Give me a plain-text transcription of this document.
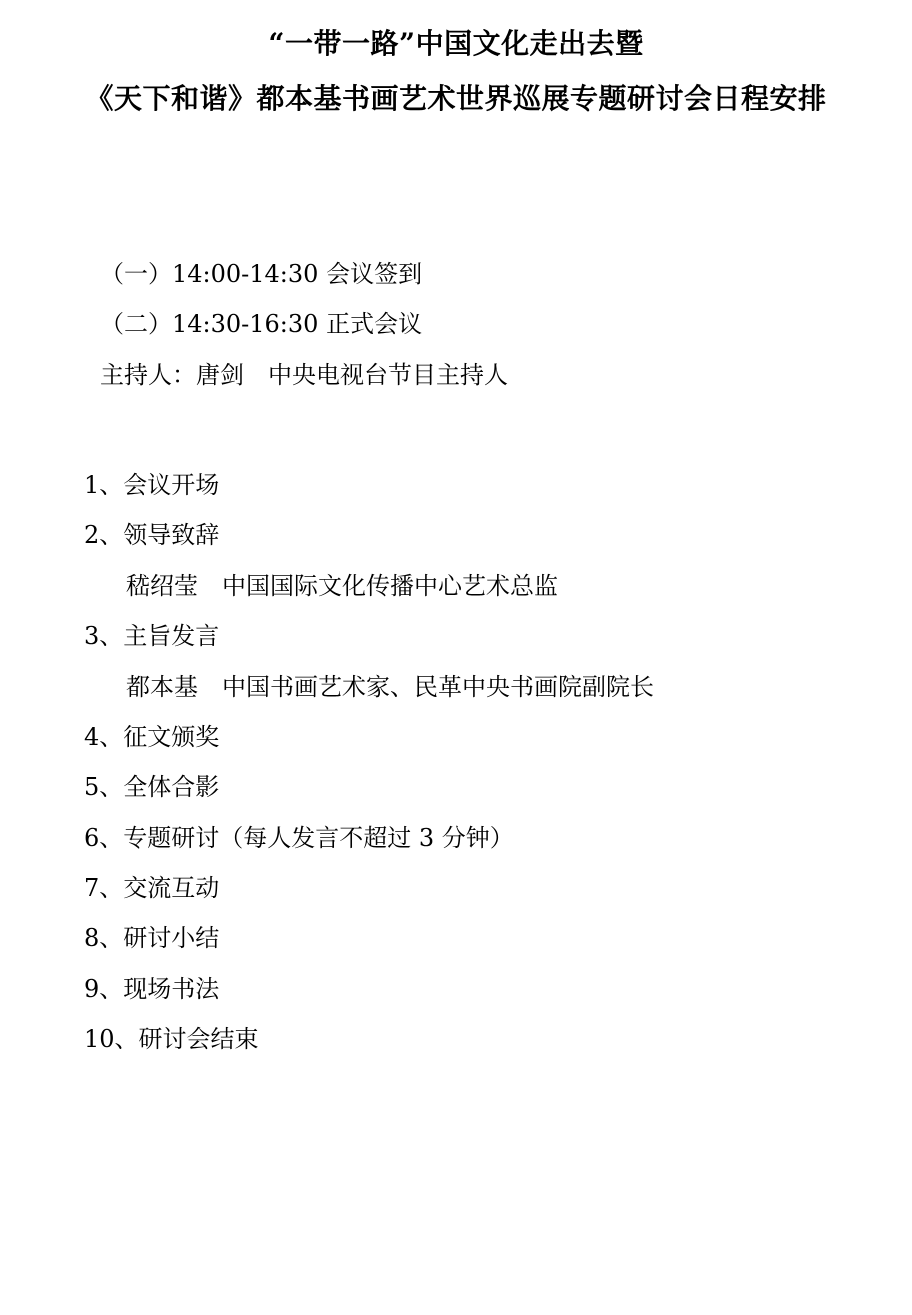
“一带一路”中国文化走出去暨
《天下和谐》都本基书画艺术世界巡展专题研讨会日程安排
（一）14:00-14:30 会议签到
（二）14:30-16:30 正式会议
主持人：唐剑　中央电视台节目主持人
1、会议开场
2、领导致辞
嵇绍莹　中国国际文化传播中心艺术总监
3、主旨发言
都本基　中国书画艺术家、民革中央书画院副院长
4、征文颁奖
5、全体合影
6、专题研讨（每人发言不超过 3 分钟）
7、交流互动
8、研讨小结
9、现场书法
10、研讨会结束
